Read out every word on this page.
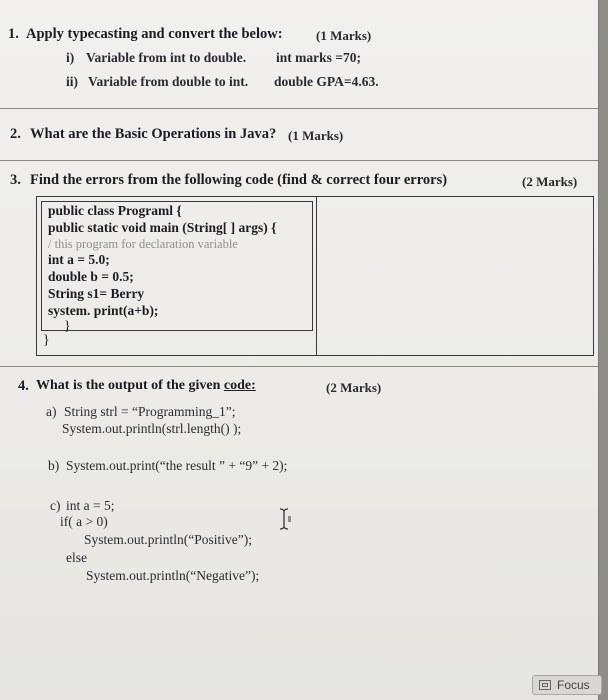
1. Apply typecasting and convert the below:	(1 Marks)
i) Variable from int to double. int marks =70;
ii) Variable from double to int. double GPA=4.63.
2. What are the Basic Operations in Java? (1 Marks)
3. Find the errors from the following code (find & correct four errors)	(2 Marks)
public class Programl {
public static void main (String[ ] args) {
/ this program for declaration variable
int a = 5.0;
double b = 0.5;
String s1= Berry
system. print(a+b);
}
}
4. What is the output of the given code:	(2 Marks)
a) String strl = “Programming_1”;
System.out.println(strl.length() );
b) System.out.print(“the result ” + “9” + 2);
c) int a = 5;
if( a > 0)
System.out.println(“Positive”);
else
System.out.println(“Negative”);
Focus
